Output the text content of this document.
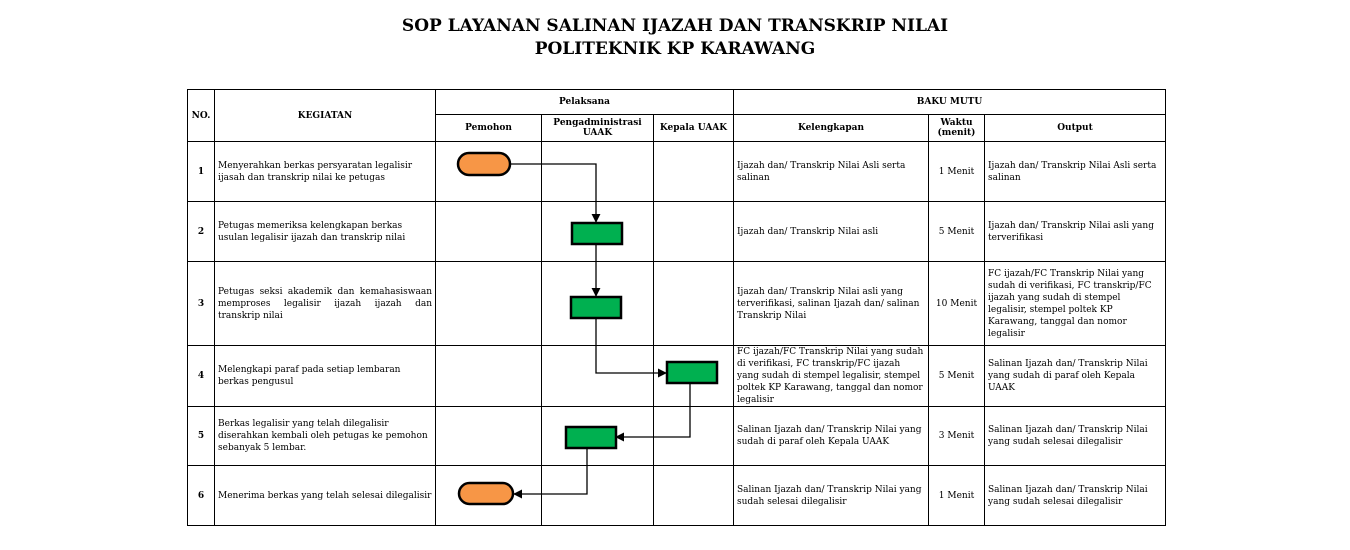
SOP LAYANAN SALINAN IJAZAH DAN TRANSKRIP NILAI
POLITEKNIK KP KARAWANG
NO.	KEGIATAN	Pelaksana			BAKU MUTU		
		Pemohon	Pengadministrasi UAAK	Kepala UAAK	Kelengkapan	Waktu (menit)	Output
1	Menyerahkan berkas persyaratan legalisir ijasah dan transkrip nilai ke petugas				Ijazah dan/ Transkrip Nilai Asli serta salinan	1 Menit	Ijazah dan/ Transkrip Nilai Asli serta salinan
2	Petugas memeriksa kelengkapan berkas usulan legalisir ijazah dan transkrip nilai				Ijazah dan/ Transkrip Nilai asli	5 Menit	Ijazah dan/ Transkrip Nilai asli yang terverifikasi
3	Petugas seksi akademik dan kemahasiswaan memproses legalisir ijazah ijazah dan transkrip nilai				Ijazah dan/ Transkrip Nilai asli yang terverifikasi, salinan Ijazah dan/ salinan Transkrip Nilai	10 Menit	FC ijazah/FC Transkrip Nilai yang sudah di verifikasi, FC transkrip/FC ijazah yang sudah di stempel legalisir, stempel poltek KP Karawang, tanggal dan nomor legalisir
4	Melengkapi paraf pada setiap lembaran berkas pengusul				FC ijazah/FC Transkrip Nilai yang sudah di verifikasi, FC transkrip/FC ijazah yang sudah di stempel legalisir, stempel poltek KP Karawang, tanggal dan nomor legalisir	5 Menit	Salinan Ijazah dan/ Transkrip Nilai yang sudah di paraf oleh Kepala UAAK
5	Berkas legalisir yang telah dilegalisir diserahkan kembali oleh petugas ke pemohon sebanyak 5 lembar.				Salinan Ijazah dan/ Transkrip Nilai yang sudah di paraf oleh Kepala UAAK	3 Menit	Salinan Ijazah dan/ Transkrip Nilai yang sudah selesai dilegalisir
6	Menerima berkas yang telah selesai dilegalisir				Salinan Ijazah dan/ Transkrip Nilai yang sudah selesai dilegalisir	1 Menit	Salinan Ijazah dan/ Transkrip Nilai yang sudah selesai dilegalisir
